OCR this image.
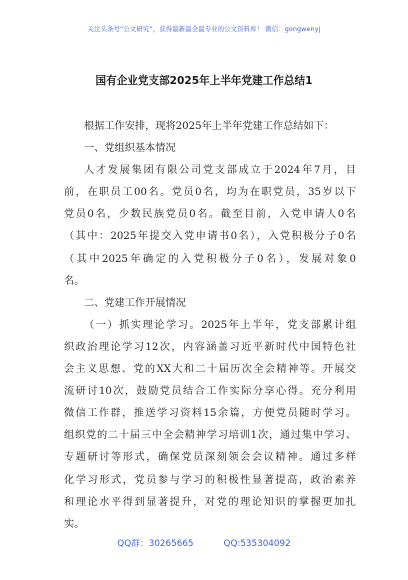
关注头条号“公文研究”，获得最新最全最专业的公文资料库！ 微信：gongwenyj
国有企业党支部2025年上半年党建工作总结1
根据工作安排，现将2025年上半年党建工作总结如下：
一、党组织基本情况
人才发展集团有限公司党支部成立于2024年7月，目
前，在职员工00名。党员0名，均为在职党员，35岁以下
党员0名，少数民族党员0名。截至目前，入党申请人0名
（其中：2025年提交入党申请书0名），入党积极分子0名
（其中2025年确定的入党积极分子0名），发展对象0
名。
二、党建工作开展情况
（一）抓实理论学习。2025年上半年，党支部累计组
织政治理论学习12次，内容涵盖习近平新时代中国特色社
会主义思想、党的XX大和二十届历次全会精神等。开展交
流研讨10次，鼓励党员结合工作实际分享心得。充分利用
微信工作群，推送学习资料15余篇，方便党员随时学习。
组织党的二十届三中全会精神学习培训1次，通过集中学习、
专题研讨等形式，确保党员深刻领会会议精神。通过多样
化学习形式，党员参与学习的积极性显著提高，政治素养
和理论水平得到显著提升，对党的理论知识的掌握更加扎
实。
QQ群：30265665	QQ:535304092
